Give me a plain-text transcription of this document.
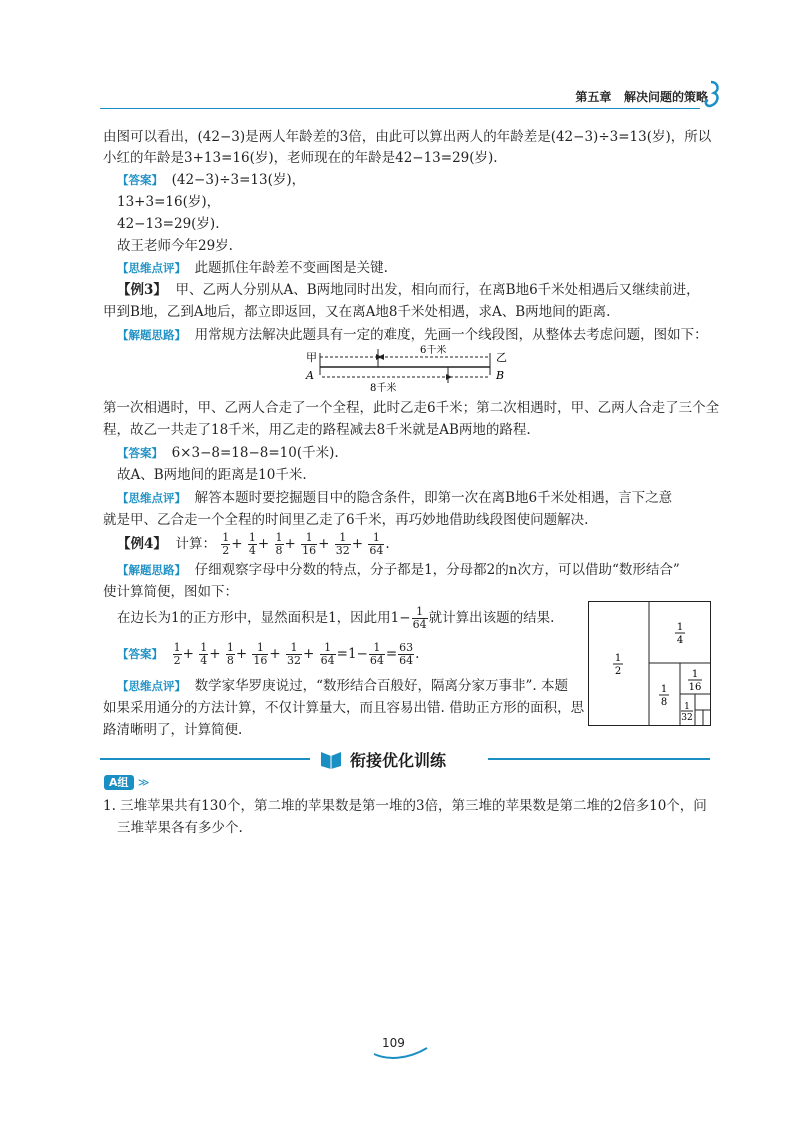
第五章 解决问题的策略
由图可以看出，(42−3)是两人年龄差的3倍，由此可以算出两人的年龄差是(42−3)÷3=13(岁)，所以
小红的年龄是3+13=16(岁)，老师现在的年龄是42−13=29(岁).
【答案】 (42−3)÷3=13(岁)，
13+3=16(岁)，
42−13=29(岁).
故王老师今年29岁.
【思维点评】 此题抓住年龄差不变画图是关键.
【例3】 甲、乙两人分别从A、B两地同时出发，相向而行，在离B地6千米处相遇后又继续前进，
甲到B地，乙到A地后，都立即返回，又在离A地8千米处相遇，求A、B两地间的距离.
【解题思路】 用常规方法解决此题具有一定的难度，先画一个线段图，从整体去考虑问题，图如下：
甲
A
乙
B
6千米
8千米
第一次相遇时，甲、乙两人合走了一个全程，此时乙走6千米；第二次相遇时，甲、乙两人合走了三个全
程，故乙一共走了18千米，用乙走的路程减去8千米就是AB两地的路程.
【答案】 6×3−8=18−8=10(千米).
故A、B两地间的距离是10千米.
【思维点评】 解答本题时要挖掘题目中的隐含条件，即第一次在离B地6千米处相遇，言下之意
就是甲、乙合走一个全程的时间里乙走了6千米，再巧妙地借助线段图使问题解决.
【例4】 计算： $\frac{1}{2} + \frac{1}{4} + \frac{1}{8} + \frac{1}{16} + \frac{1}{32} + \frac{1}{64}$ .
【解题思路】 仔细观察字母中分数的特点，分子都是1，分母都2的n次方，可以借助“数形结合”
使计算简便，图如下：
在边长为1的正方形中，显然面积是1，因此用$1- \frac{1}{64}$ 就计算出该题的结果.
【答案】 $\frac{1}{2} + \frac{1}{4} + \frac{1}{8} + \frac{1}{16} + \frac{1}{32} + \frac{1}{64} =1- \frac{1}{64} = \frac{63}{64}$ .
【思维点评】 数学家华罗庚说过，“数形结合百般好，隔离分家万事非”. 本题
如果采用通分的方法计算，不仅计算量大，而且容易出错. 借助正方形的面积，思
路清晰明了，计算简便.
1
2
1
4
1
8
1
16
1
32
衔接优化训练
A组 ≫
1. 三堆苹果共有130个，第二堆的苹果数是第一堆的3倍，第三堆的苹果数是第二堆的2倍多10个，问
三堆苹果各有多少个.
109
